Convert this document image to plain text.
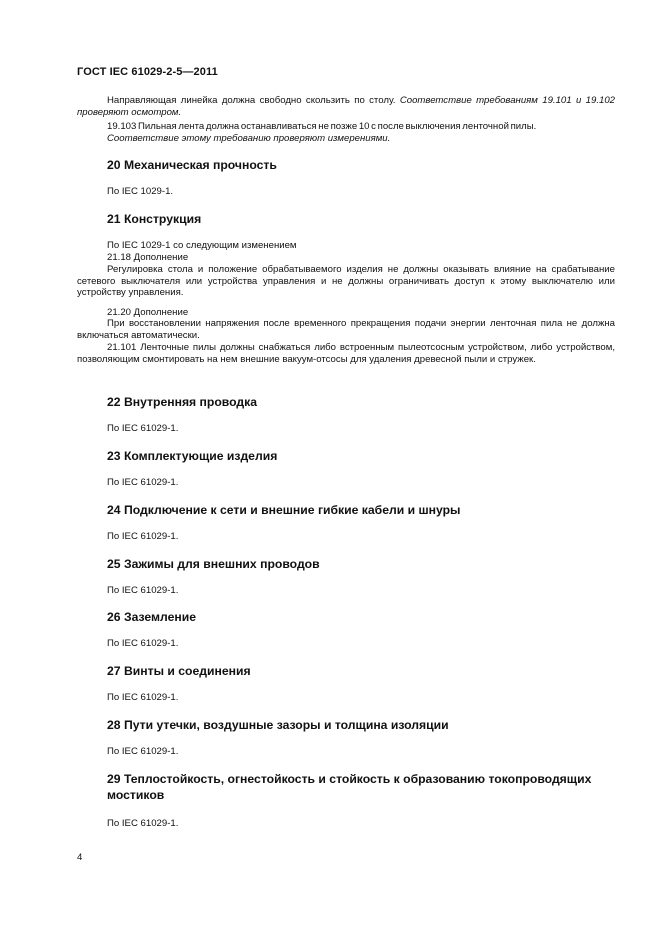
ГОСТ IEC 61029-2-5—2011
Направляющая линейка должна свободно скользить по столу. Соответствие требованиям 19.101 и 19.102 проверяют осмотром.
19.103 Пильная лента должна останавливаться не позже 10 с после выключения ленточной пилы.
Соответствие этому требованию проверяют измерениями.
20 Механическая прочность
По IEC 1029-1.
21 Конструкция
По IEC 1029-1 со следующим изменением
21.18 Дополнение
Регулировка стола и положение обрабатываемого изделия не должны оказывать влияние на срабатывание сетевого выключателя или устройства управления и не должны ограничивать доступ к этому выключателю или устройству управления.
21.20 Дополнение
При восстановлении напряжения после временного прекращения подачи энергии ленточная пила не должна включаться автоматически.
21.101 Ленточные пилы должны снабжаться либо встроенным пылеотсосным устройством, либо устройством, позволяющим смонтировать на нем внешние вакуум-отсосы для удаления древесной пыли и стружек.
22 Внутренняя проводка
По IEC 61029-1.
23 Комплектующие изделия
По IEC 61029-1.
24 Подключение к сети и внешние гибкие кабели и шнуры
По IEC 61029-1.
25 Зажимы для внешних проводов
По IEC 61029-1.
26 Заземление
По IEC 61029-1.
27 Винты и соединения
По IEC 61029-1.
28 Пути утечки, воздушные зазоры и толщина изоляции
По IEC 61029-1.
29 Теплостойкость, огнестойкость и стойкость к образованию токопроводящих мостиков
По IEC 61029-1.
4
